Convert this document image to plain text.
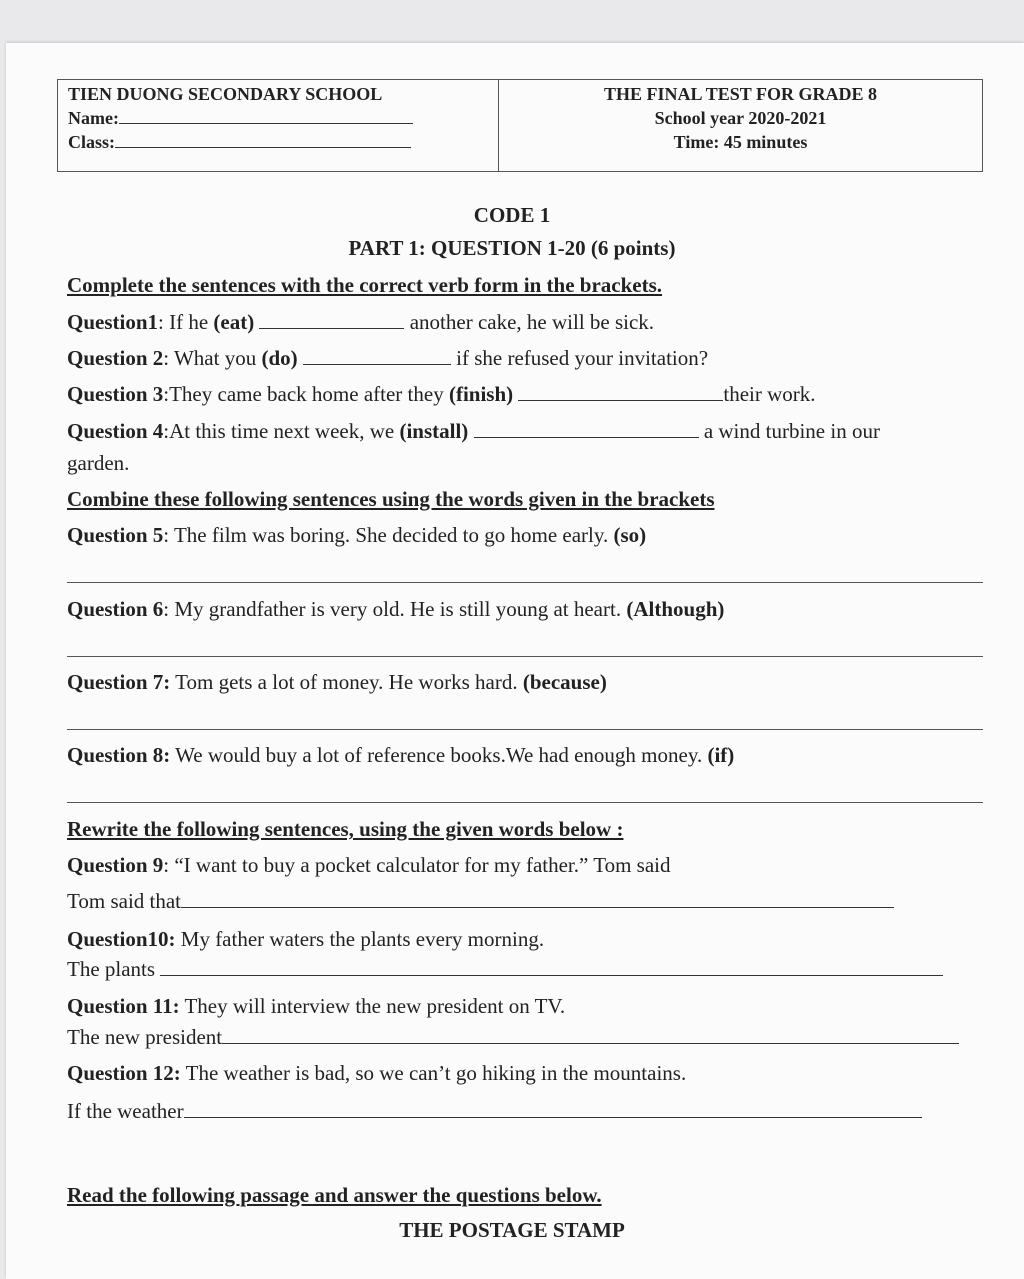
TIEN DUONG SECONDARY SCHOOL
Name:
Class:
THE FINAL TEST FOR GRADE 8
School year 2020-2021
Time: 45 minutes
CODE 1
PART 1: QUESTION 1-20 (6 points)
Complete the sentences with the correct verb form in the brackets.
Question1: If he (eat)	another cake, he will be sick.
Question 2: What you (do)	if she refused your invitation?
Question 3:They came back home after they (finish)	their work.
Question 4:At this time next week, we (install)	a wind turbine in our
garden.
Combine these following sentences using the words given in the brackets
Question 5: The film was boring. She decided to go home early. (so)
Question 6: My grandfather is very old. He is still young at heart. (Although)
Question 7: Tom gets a lot of money. He works hard. (because)
Question 8: We would buy a lot of reference books.We had enough money. (if)
Rewrite the following sentences, using the given words below :
Question 9: “I want to buy a pocket calculator for my father.” Tom said
Tom said that
Question10: My father waters the plants every morning.
The plants
Question 11: They will interview the new president on TV.
The new president
Question 12: The weather is bad, so we can’t go hiking in the mountains.
If the weather
Read the following passage and answer the questions below.
THE POSTAGE STAMP
